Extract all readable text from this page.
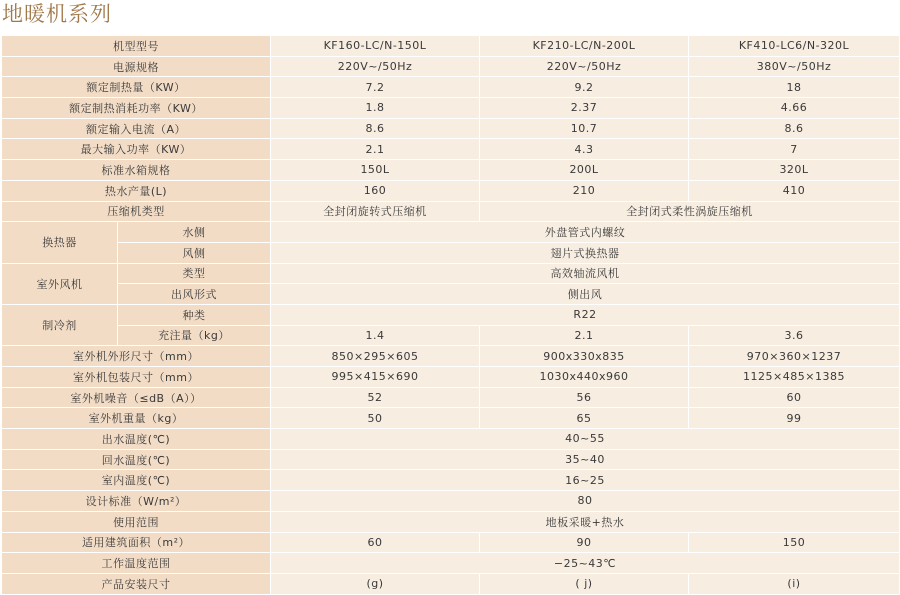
地暖机系列
机型型号		KF160-LC/N-150L	KF210-LC/N-200L	KF410-LC6/N-320L
电源规格		220V~/50Hz	220V~/50Hz	380V~/50Hz
额定制热量（KW）		7.2	9.2	18
额定制热消耗功率（KW）		1.8	2.37	4.66
额定输入电流（A）		8.6	10.7	8.6
最大输入功率（KW）		2.1	4.3	7
标准水箱规格		150L	200L	320L
热水产量(L)		160	210	410
压缩机类型		全封闭旋转式压缩机	全封闭式柔性涡旋压缩机	
换热器	水侧	外盘管式内螺纹		
	风侧	翅片式换热器		
室外风机	类型	高效轴流风机		
	出风形式	侧出风		
制冷剂	种类	R22		
	充注量（kg）	1.4	2.1	3.6
室外机外形尺寸（mm）		850×295×605	900x330x835	970×360×1237
室外机包装尺寸（mm）		995×415×690	1030x440x960	1125×485×1385
室外机噪音（≤dB（A））		52	56	60
室外机重量（kg）		50	65	99
出水温度(℃)		40~55		
回水温度(℃)		35~40		
室内温度(℃)		16~25		
设计标准（W/m²）		80		
使用范围		地板采暖+热水		
适用建筑面积（m²）		60	90	150
工作温度范围		−25~43℃		
产品安装尺寸		(g)	( j)	(i)
